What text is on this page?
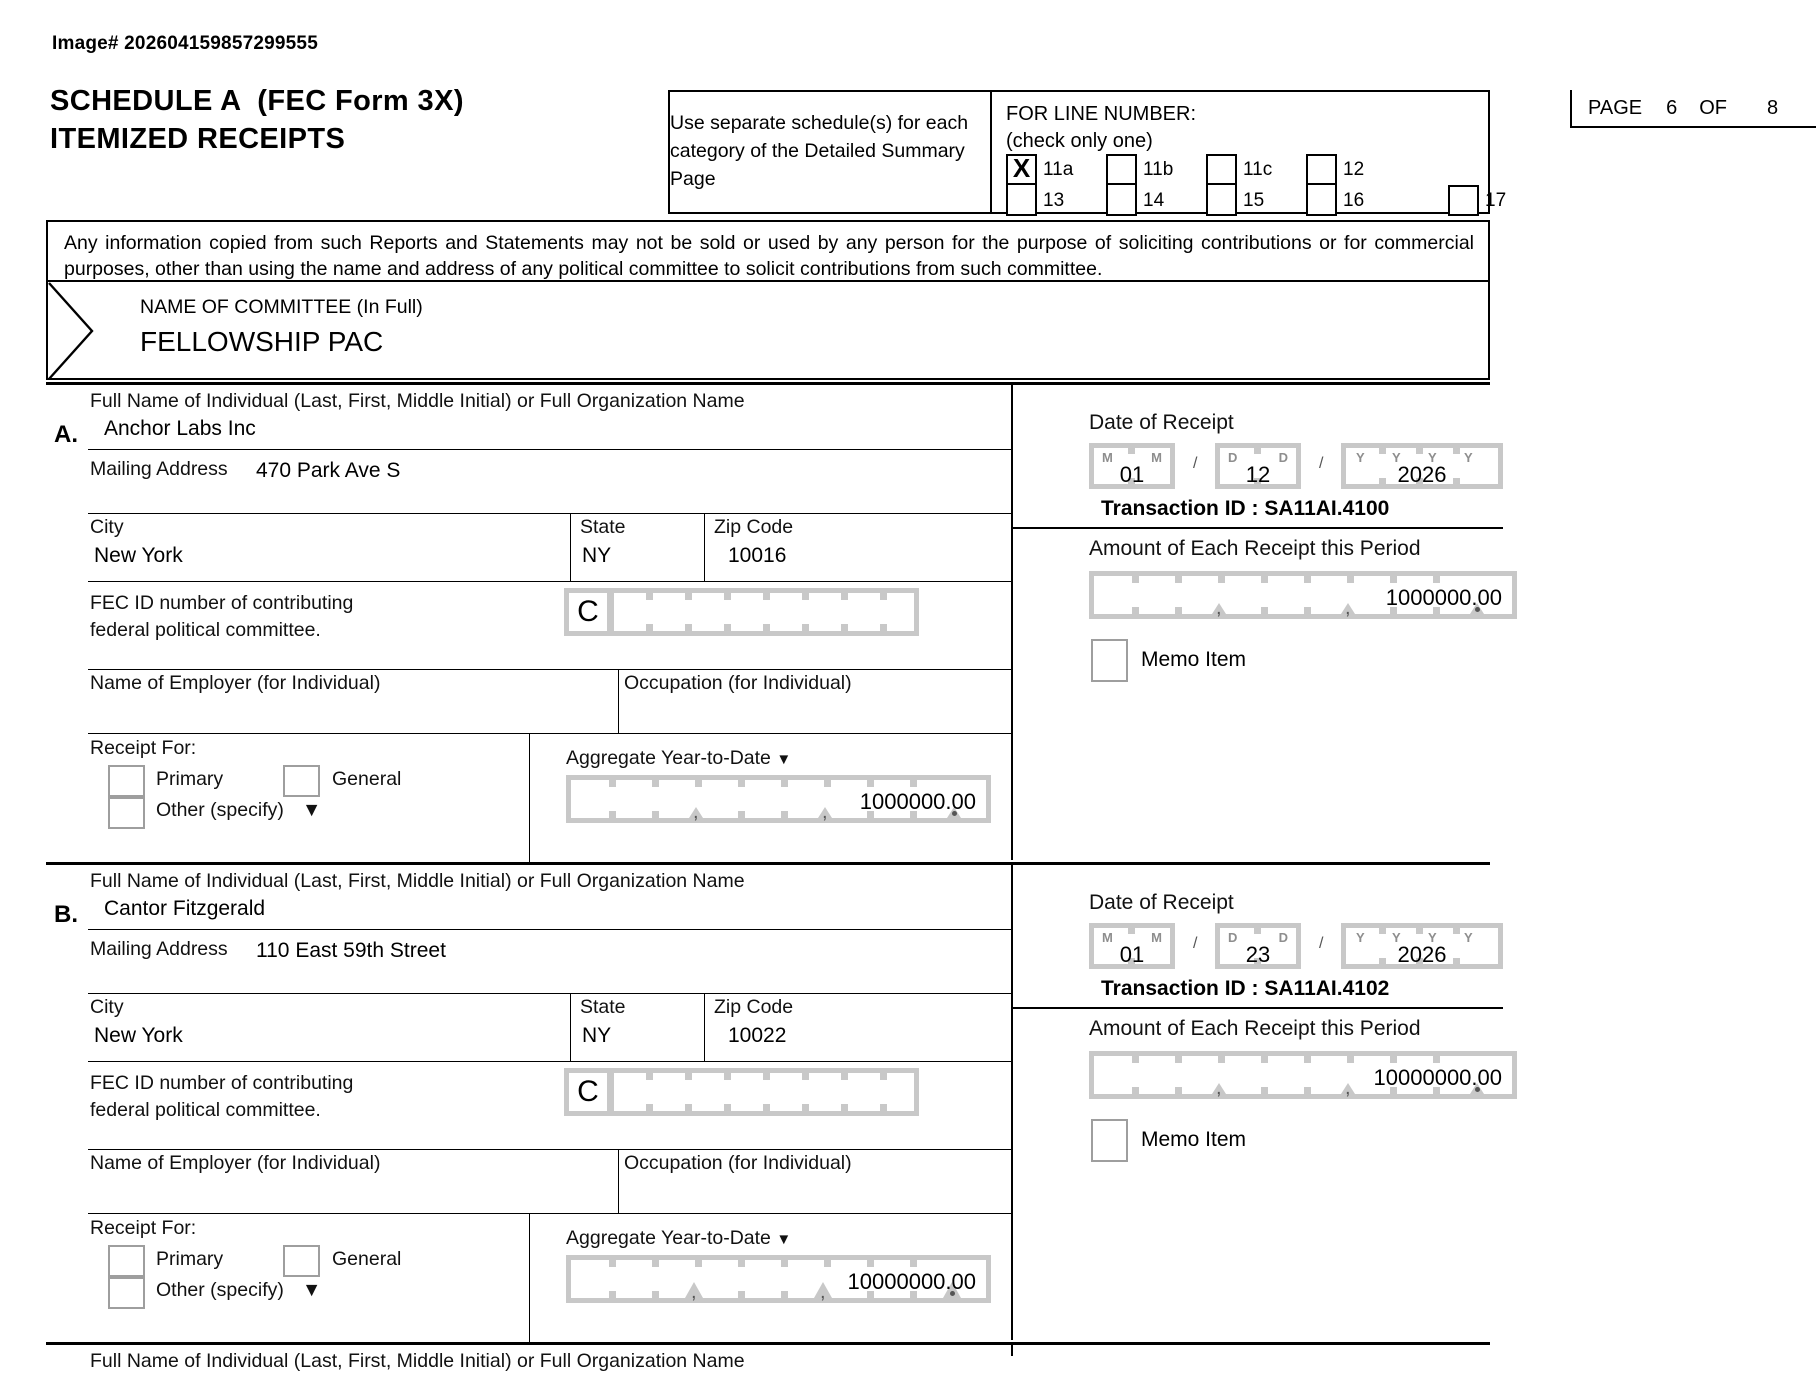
Image# 202604159857299555
SCHEDULE A  (FEC Form 3X)
ITEMIZED RECEIPTS	Use separate schedule(s) for each category of the Detailed Summary Page

FOR LINE NUMBER:
(check only one)
PAGE 6 OF 8
X 11a	11b	11c	12
13	14	15	16	17

Any information copied from such Reports and Statements may not be sold or used by any person for the purpose of soliciting contributions or for commercial purposes, other than using the name and address of any political committee to solicit contributions from such committee.

NAME OF COMMITTEE (In Full)
FELLOWSHIP PAC
A.
Full Name of Individual (Last, First, Middle Initial) or Full Organization Name
Anchor Labs Inc
Mailing Address 470 Park Ave S
City
New York
State
NY
Zip Code
10016
FEC ID number of contributing
federal political committee.
C
Name of Employer (for Individual)	Occupation (for Individual)
Receipt For:
Primary	General
Other (specify) ▼
Aggregate Year-to-Date ▼
,	, 1000000.00
Date of Receipt
M	M
01	/ D	D
12	/	Y Y Y Y
2026
Transaction ID : SA11AI.4100
Amount of Each Receipt this Period
,	, 1000000.00
Memo Item
B.
Full Name of Individual (Last, First, Middle Initial) or Full Organization Name
Cantor Fitzgerald
Mailing Address 110 East 59th Street
City
New York
State
NY
Zip Code
10022
FEC ID number of contributing
federal political committee.
C
Name of Employer (for Individual)	Occupation (for Individual)
Receipt For:
Primary	General
Other (specify) ▼
Aggregate Year-to-Date ▼
,	, 10000000.00
Date of Receipt
M	M
01	/ D	D
23	/	Y Y Y Y
2026
Transaction ID : SA11AI.4102
Amount of Each Receipt this Period
,	, 10000000.00
Memo Item
Full Name of Individual (Last, First, Middle Initial) or Full Organization Name
